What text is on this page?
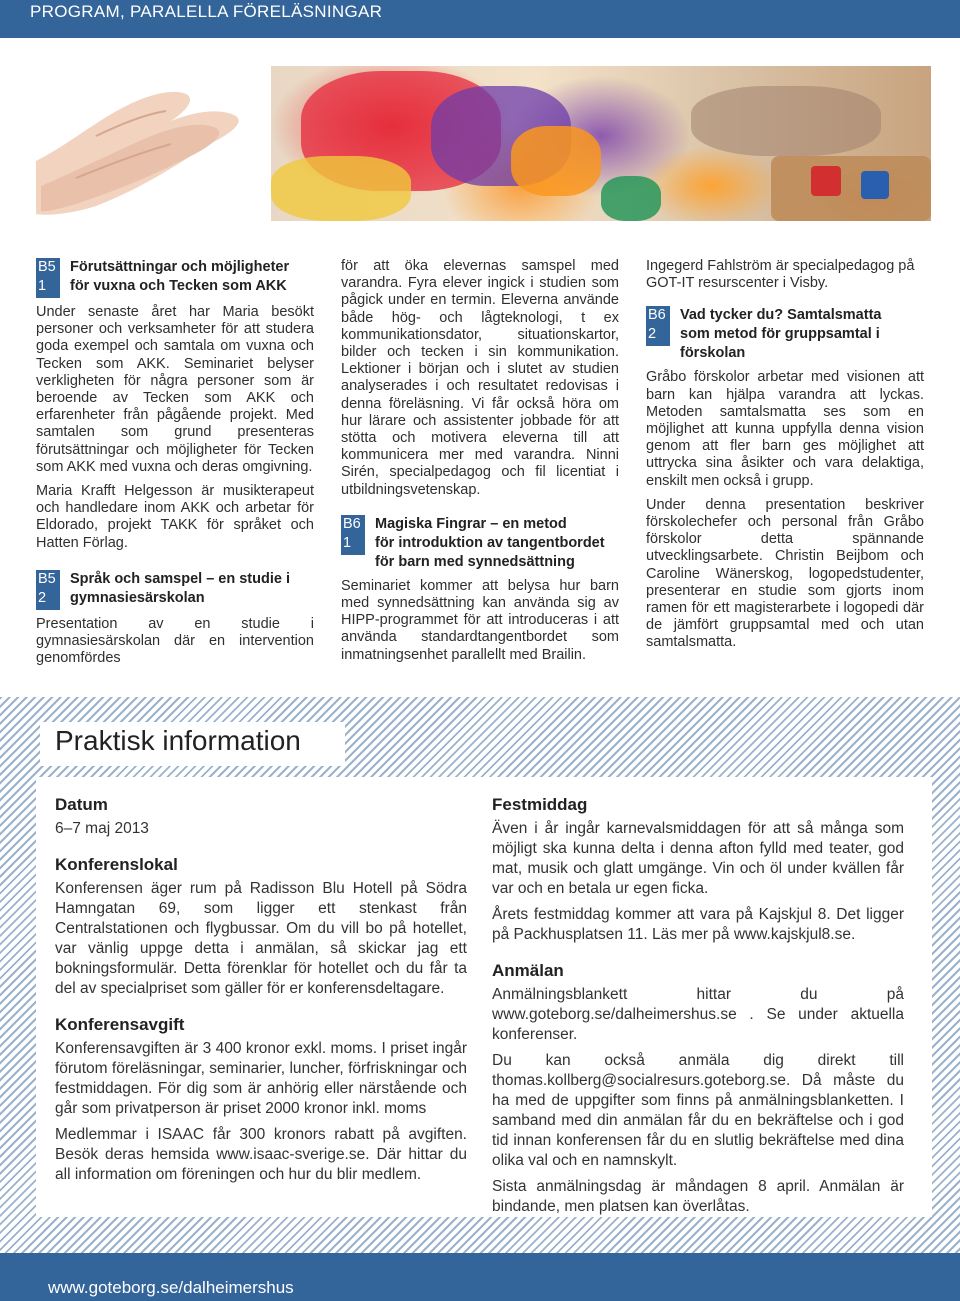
PROGRAM, PARALELLA FÖRELÄSNINGAR
B5
1
Förutsättningar och möjligheter
för vuxna och Tecken som AKK

Under senaste året har Maria besökt personer och verksamheter för att studera goda exempel och samtala om vuxna och Tecken som AKK. Seminariet belyser verkligheten för några personer som är beroende av Tecken som AKK och erfarenheter från pågående projekt. Med samtalen som grund presenteras förutsättningar och möjligheter för Tecken som AKK med vuxna och deras omgivning.

Maria Krafft Helgesson är musikterapeut och handledare inom AKK och arbetar för Eldorado, projekt TAKK för språket och Hatten Förlag.

B5
2
Språk och samspel – en studie i
gymnasiesärskolan

Presentation av en studie i gymnasiesärskolan där en intervention genomfördes

för att öka elevernas samspel med varandra. Fyra elever ingick i studien som pågick under en termin. Eleverna använde både hög- och lågteknologi, t ex kommunikationsdator, situationskartor, bilder och tecken i sin kommunikation. Lektioner i början och i slutet av studien analyserades i och resultatet redovisas i denna föreläsning. Vi får också höra om hur lärare och assistenter jobbade för att stötta och motivera eleverna till att kommunicera mer med varandra. Ninni Sirén, specialpedagog och fil licentiat i utbildningsvetenskap.

B6
1
Magiska Fingrar – en metod
för introduktion av tangentbordet
för barn med synnedsättning

Seminariet kommer att belysa hur barn med synnedsättning kan använda sig av HIPP-programmet för att introduceras i att använda standardtangentbordet som inmatningsenhet parallellt med Brailin.

Ingegerd Fahlström är specialpedagog på GOT-IT resurscenter i Visby.

B6
2
Vad tycker du? Samtalsmatta
som metod för gruppsamtal i
förskolan

Gråbo förskolor arbetar med visionen att barn kan hjälpa varandra att lyckas. Metoden samtalsmatta ses som en möjlighet att kunna uppfylla denna vision genom att fler barn ges möjlighet att uttrycka sina åsikter och vara delaktiga, enskilt men också i grupp.

Under denna presentation beskriver förskolechefer och personal från Gråbo förskolor detta spännande utvecklingsarbete. Christin Beijbom och Caroline Wänerskog, logopedstudenter, presenterar en studie som gjorts inom ramen för ett magisterarbete i logopedi där de jämfört gruppsamtal med och utan samtalsmatta.

Praktisk information
Datum

6–7 maj 2013

Konferenslokal

Konferensen äger rum på Radisson Blu Hotell på Södra Hamngatan 69, som ligger ett stenkast från Centralstationen och flygbussar. Om du vill bo på hotellet, var vänlig uppge detta i anmälan, så skickar jag ett bokningsformulär. Detta förenklar för hotellet och du får ta del av specialpriset som gäller för er konferensdeltagare.

Konferensavgift

Konferensavgiften är 3 400 kronor exkl. moms. I priset ingår förutom föreläsningar, seminarier, luncher, förfriskningar och festmiddagen. För dig som är anhörig eller närstående och går som privatperson är priset 2000 kronor inkl. moms

Medlemmar i ISAAC får 300 kronors rabatt på avgiften. Besök deras hemsida www.isaac-sverige.se. Där hittar du all information om föreningen och hur du blir medlem.

Festmiddag

Även i år ingår karnevalsmiddagen för att så många som möjligt ska kunna delta i denna afton fylld med teater, god mat, musik och glatt umgänge. Vin och öl under kvällen får var och en betala ur egen ficka.

Årets festmiddag kommer att vara på Kajskjul 8. Det ligger på Packhusplatsen 11. Läs mer på www.kajskjul8.se.

Anmälan

Anmälningsblankett hittar du på www.goteborg.se/dalheimershus.se . Se under aktuella konferenser.

Du kan också anmäla dig direkt till thomas.kollberg@socialresurs.goteborg.se. Då måste du ha med de uppgifter som finns på anmälningsblanketten. I samband med din anmälan får du en bekräftelse och i god tid innan konferensen får du en slutlig bekräftelse med dina olika val och en namnskylt.

Sista anmälningsdag är måndagen 8 april. Anmälan är bindande, men platsen kan överlåtas.

www.goteborg.se/dalheimershus
